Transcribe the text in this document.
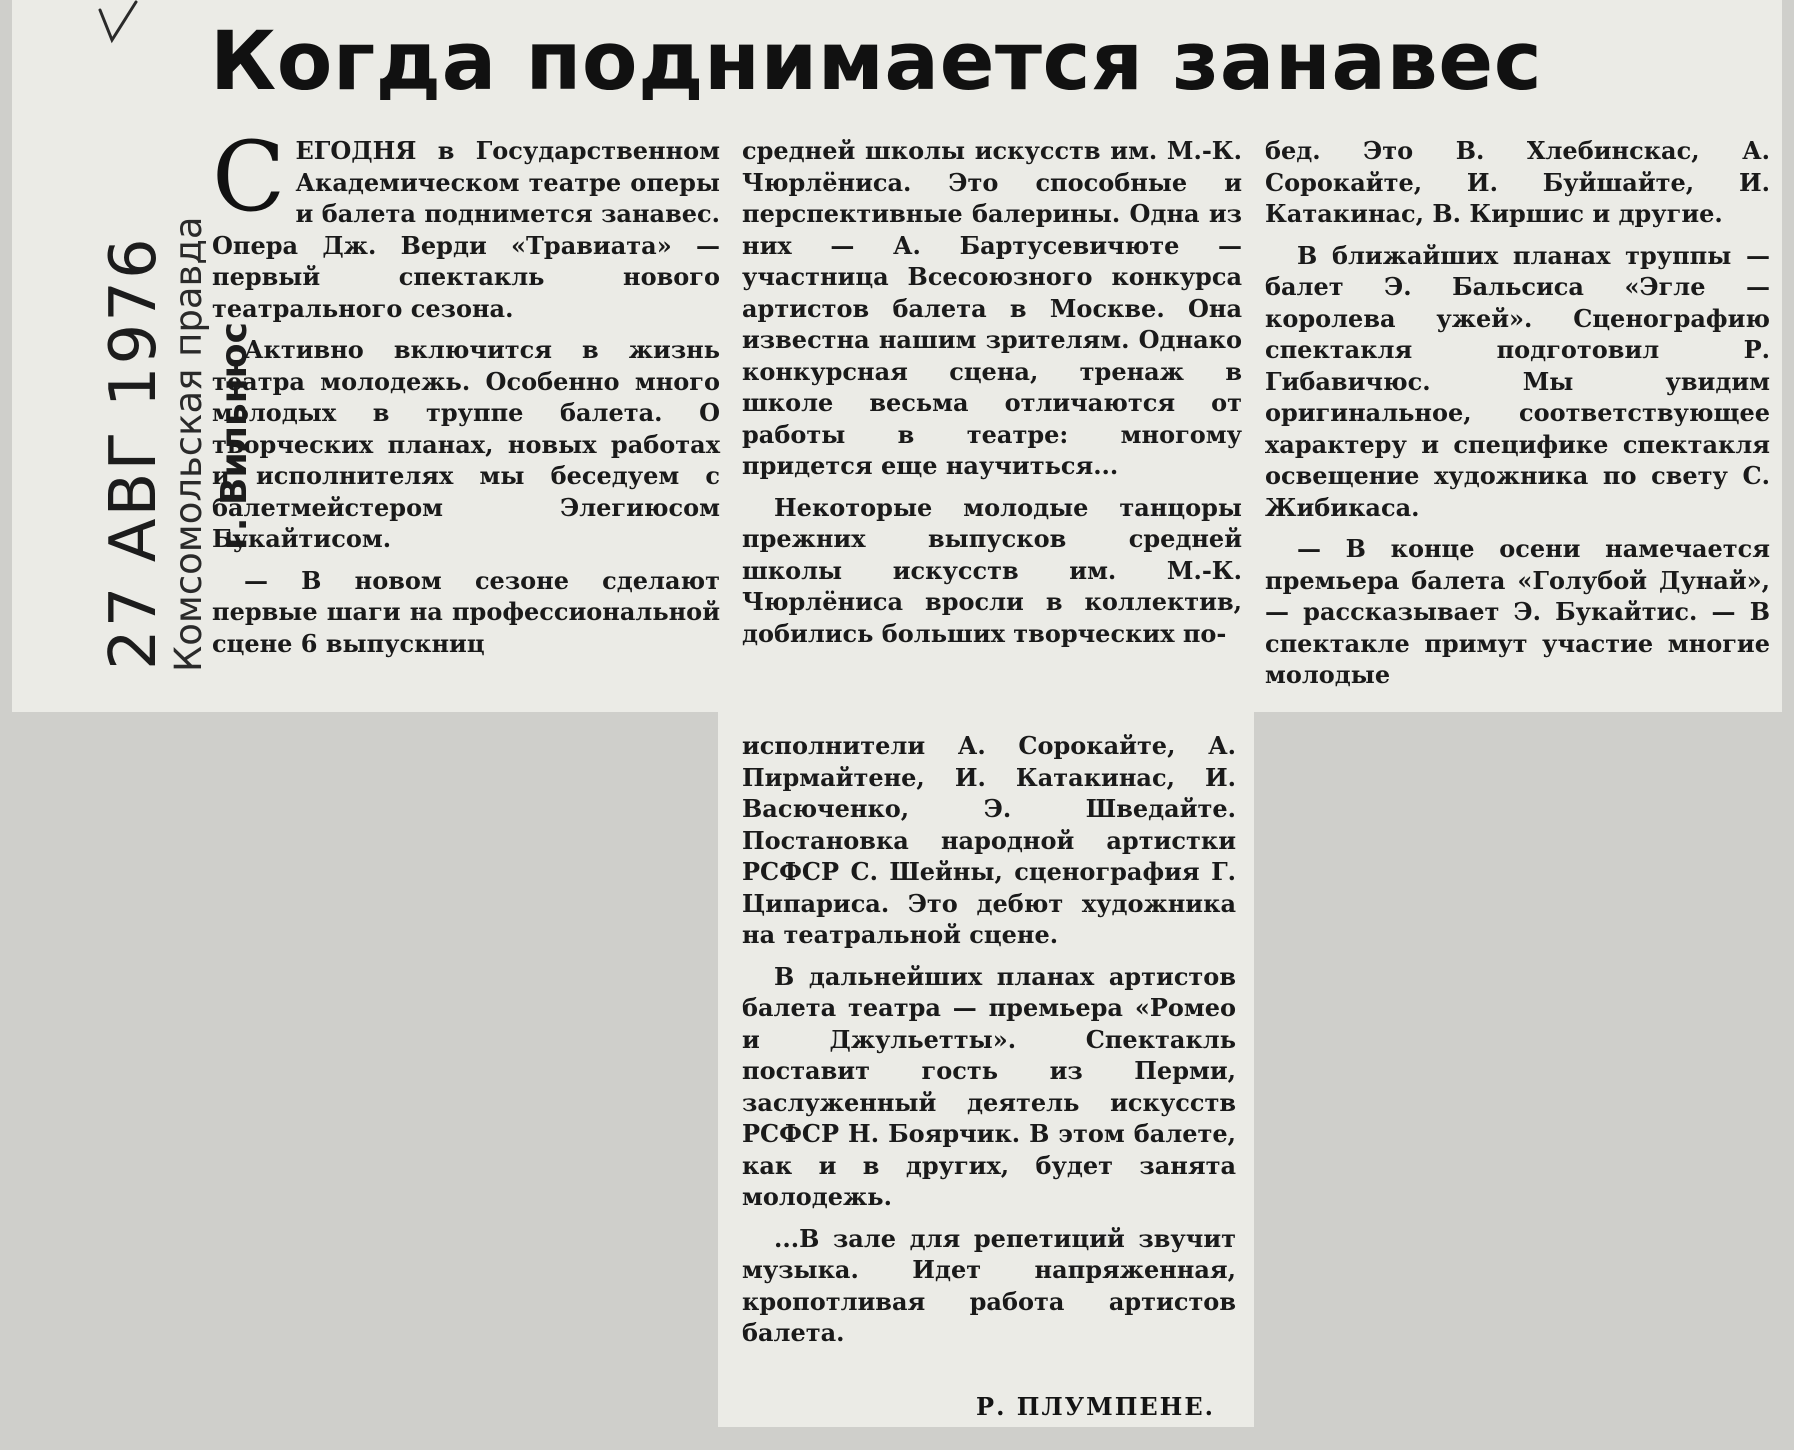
Когда поднимается занавес
27 АВГ 1976
Комсомольская правда г. Вильнюс

СЕГОДНЯ в Государственном Академическом театре оперы и балета поднимется занавес. Опера Дж. Верди «Травиата» — первый спектакль нового театрального сезона.

Активно включится в жизнь театра молодежь. Особенно много молодых в труппе балета. О творческих планах, новых работах и исполнителях мы беседуем с балетмейстером Элегиюсом Букайтисом.

— В новом сезоне сделают первые шаги на профессиональной сцене 6 выпускниц

средней школы искусств им. М.-К. Чюрлёниса. Это способные и перспективные балерины. Одна из них — А. Бартусевичюте — участница Всесоюзного конкурса артистов балета в Москве. Она известна нашим зрителям. Однако конкурсная сцена, тренаж в школе весьма отличаются от работы в театре: многому придется еще научиться...

Некоторые молодые танцоры прежних выпусков средней школы искусств им. М.-К. Чюрлёниса вросли в коллектив, добились больших творческих по-

бед. Это В. Хлебинскас, А. Сорокайте, И. Буйшайте, И. Катакинас, В. Киршис и другие.

В ближайших планах труппы — балет Э. Бальсиса «Эгле — королева ужей». Сценографию спектакля подготовил Р. Гибавичюс. Мы увидим оригинальное, соответствующее характеру и специфике спектакля освещение художника по свету С. Жибикаса.

— В конце осени намечается премьера балета «Голубой Дунай», — рассказывает Э. Букайтис. — В спектакле примут участие многие молодые

исполнители А. Сорокайте, А. Пирмайтене, И. Катакинас, И. Васюченко, Э. Шведайте. Постановка народной артистки РСФСР С. Шейны, сценография Г. Ципариса. Это дебют художника на театральной сцене.

В дальнейших планах артистов балета театра — премьера «Ромео и Джульетты». Спектакль поставит гость из Перми, заслуженный деятель искусств РСФСР Н. Боярчик. В этом балете, как и в других, будет занята молодежь.

...В зале для репетиций звучит музыка. Идет напряженная, кропотливая работа артистов балета.

Р. ПЛУМПЕНЕ.
